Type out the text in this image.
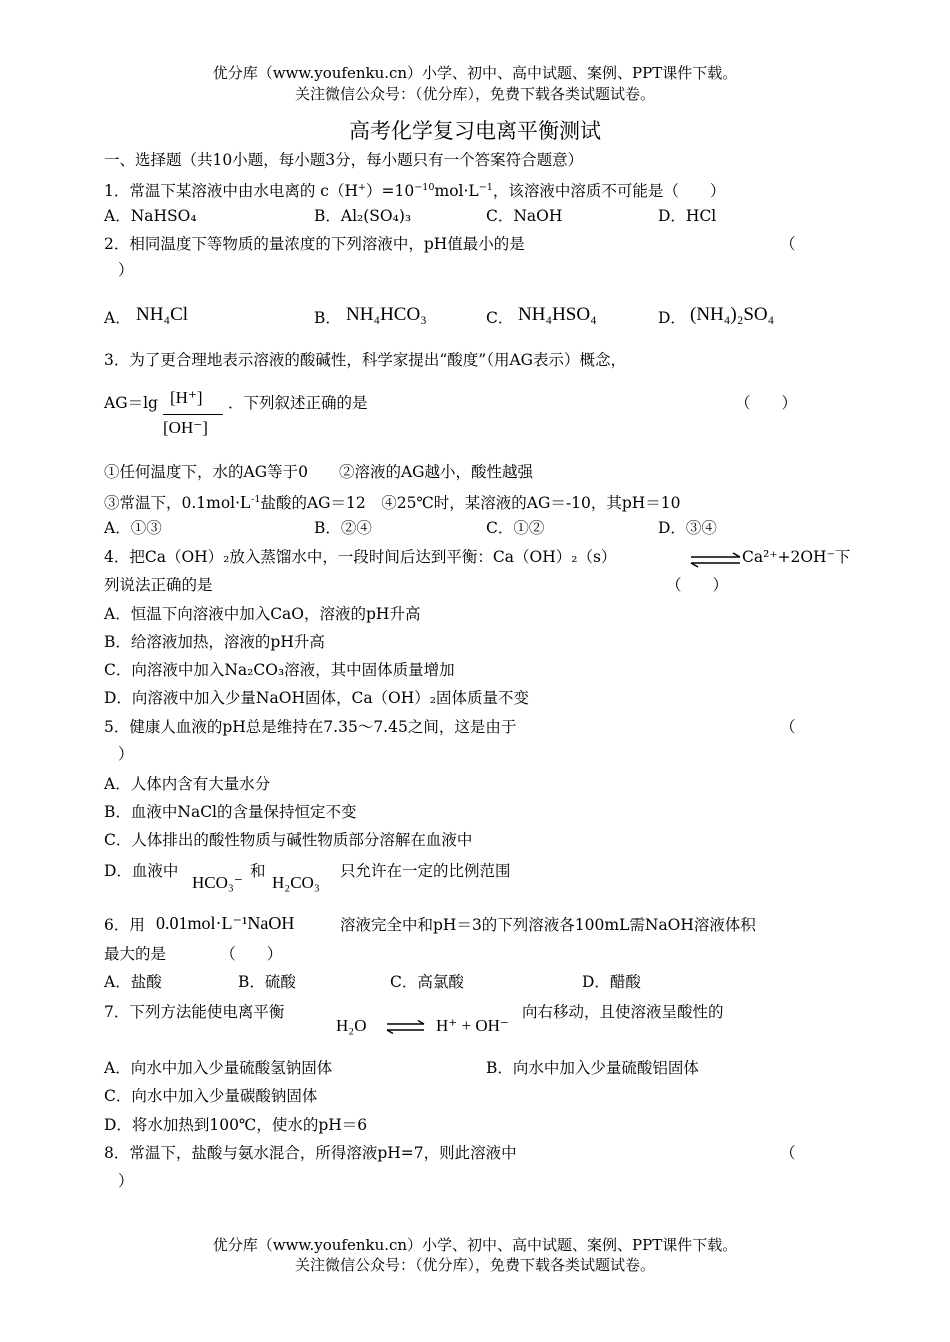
优分库（www.youfenku.cn）小学、初中、高中试题、案例、PPT课件下载。
关注微信公众号：（优分库），免费下载各类试题试卷。
高考化学复习电离平衡测试
一、选择题（共10小题，每小题3分，每小题只有一个答案符合题意）
1．常温下某溶液中由水电离的 $c(H^+)=10^{-10}mol\cdot L^{-1}$，该溶液中溶质不可能是（　　）
A．NaHSO₄	B．Al₂(SO₄)₃	C．NaOH	D．HCl
2．相同温度下等物质的量浓度的下列溶液中，pH值最小的是	（
）
A． NH₄Cl	B． NH₄HCO₃	C． NH₄HSO₄	D． (NH₄)₂SO₄
3．为了更合理地表示溶液的酸碱性，科学家提出“酸度”（用AG表示）概念，
AG＝lg [H⁺]
[OH⁻]
．下列叙述正确的是	（　　）
①任何温度下，水的AG等于0　　②溶液的AG越小，酸性越强
③常温下，$0.1mol\cdot L^{-1}$盐酸的AG＝12　④25℃时，某溶液的AG＝-10，其pH＝10
A．①③	B．②④	C．①②	D．③④
4．把Ca（OH）₂放入蒸馏水中，一段时间后达到平衡：Ca（OH）₂（s）	⇌ Ca²⁺+2OH⁻下
列说法正确的是	（　　）
A．恒温下向溶液中加入CaO，溶液的pH升高
B．给溶液加热，溶液的pH升高
C．向溶液中加入Na₂CO₃溶液，其中固体质量增加
D．向溶液中加入少量NaOH固体，Ca（OH）₂固体质量不变
5．健康人血液的pH总是维持在7.35～7.45之间，这是由于	（
）
A．人体内含有大量水分
B．血液中NaCl的含量保持恒定不变
C．人体排出的酸性物质与碱性物质部分溶解在血液中
D．血液中
HCO₃⁻
和
H₂CO₃
只允许在一定的比例范围
6．用 0.01mol·L⁻¹NaOH	溶液完全中和pH＝3的下列溶液各100mL需NaOH溶液体积
最大的是　　　　（　　）
A．盐酸	B．硫酸	C．高氯酸	D．醋酸
7．下列方法能使电离平衡
H₂O ⇌ H⁺ + OH⁻
向右移动，且使溶液呈酸性的
A．向水中加入少量硫酸氢钠固体	B．向水中加入少量硫酸铝固体
C．向水中加入少量碳酸钠固体
D．将水加热到100℃，使水的pH＝6
8．常温下，盐酸与氨水混合，所得溶液pH=7，则此溶液中	（
）
优分库（www.youfenku.cn）小学、初中、高中试题、案例、PPT课件下载。
关注微信公众号：（优分库），免费下载各类试题试卷。
